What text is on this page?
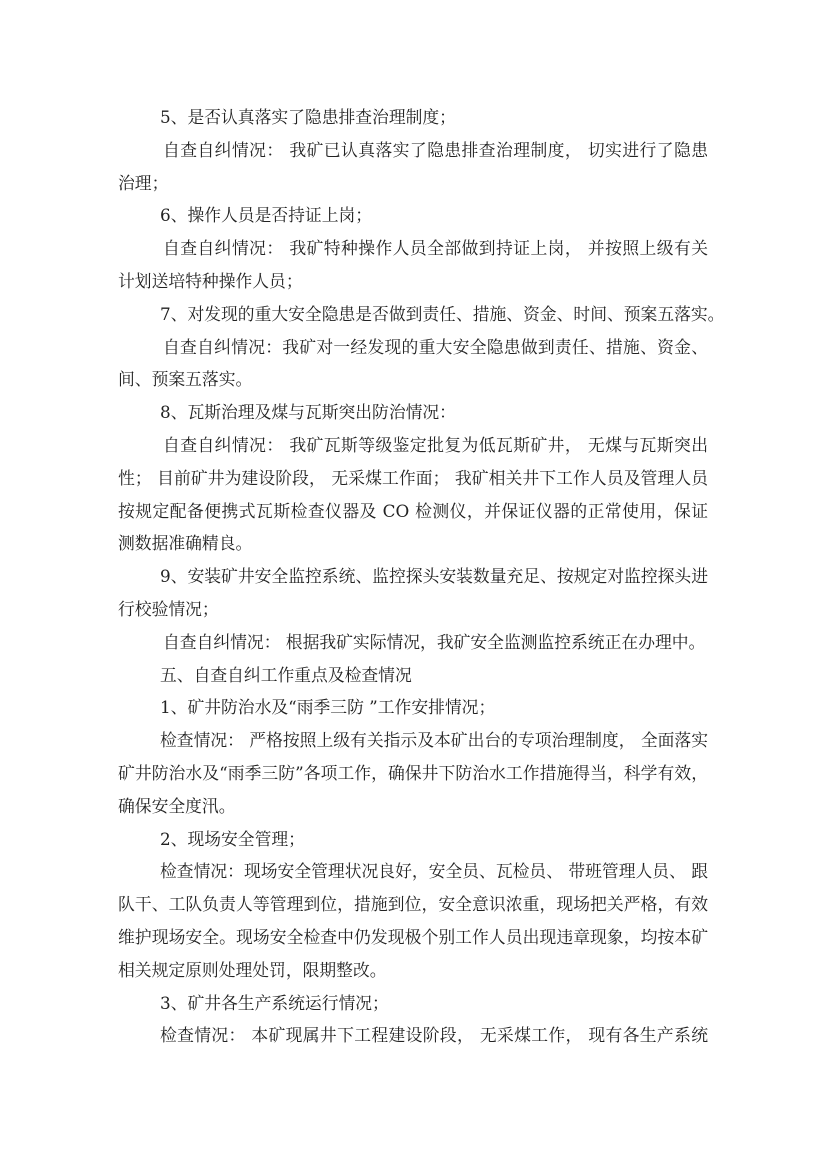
5、是否认真落实了隐患排查治理制度；
自查自纠情况： 我矿已认真落实了隐患排查治理制度， 切实进行了隐患
治理；
6、操作人员是否持证上岗；
自查自纠情况： 我矿特种操作人员全部做到持证上岗， 并按照上级有关
计划送培特种操作人员；
7、对发现的重大安全隐患是否做到责任、措施、资金、时间、预案五落实。
自查自纠情况：我矿对一经发现的重大安全隐患做到责任、措施、资金、
间、预案五落实。
8、瓦斯治理及煤与瓦斯突出防治情况：
自查自纠情况： 我矿瓦斯等级鉴定批复为低瓦斯矿井， 无煤与瓦斯突出
性； 目前矿井为建设阶段， 无采煤工作面； 我矿相关井下工作人员及管理人员
按规定配备便携式瓦斯检查仪器及 CO 检测仪，并保证仪器的正常使用，保证
测数据准确精良。
9、安装矿井安全监控系统、监控探头安装数量充足、按规定对监控探头进
行校验情况；
自查自纠情况： 根据我矿实际情况，我矿安全监测监控系统正在办理中。
五、自查自纠工作重点及检查情况
1、矿井防治水及“雨季三防 ”工作安排情况；
检查情况： 严格按照上级有关指示及本矿出台的专项治理制度， 全面落实
矿井防治水及“雨季三防”各项工作，确保井下防治水工作措施得当，科学有效，
确保安全度汛。
2、现场安全管理；
检查情况：现场安全管理状况良好，安全员、瓦检员、 带班管理人员、 跟
队干、工队负责人等管理到位，措施到位，安全意识浓重，现场把关严格，有效
维护现场安全。现场安全检查中仍发现极个别工作人员出现违章现象，均按本矿
相关规定原则处理处罚，限期整改。
3、矿井各生产系统运行情况；
检查情况： 本矿现属井下工程建设阶段， 无采煤工作， 现有各生产系统
